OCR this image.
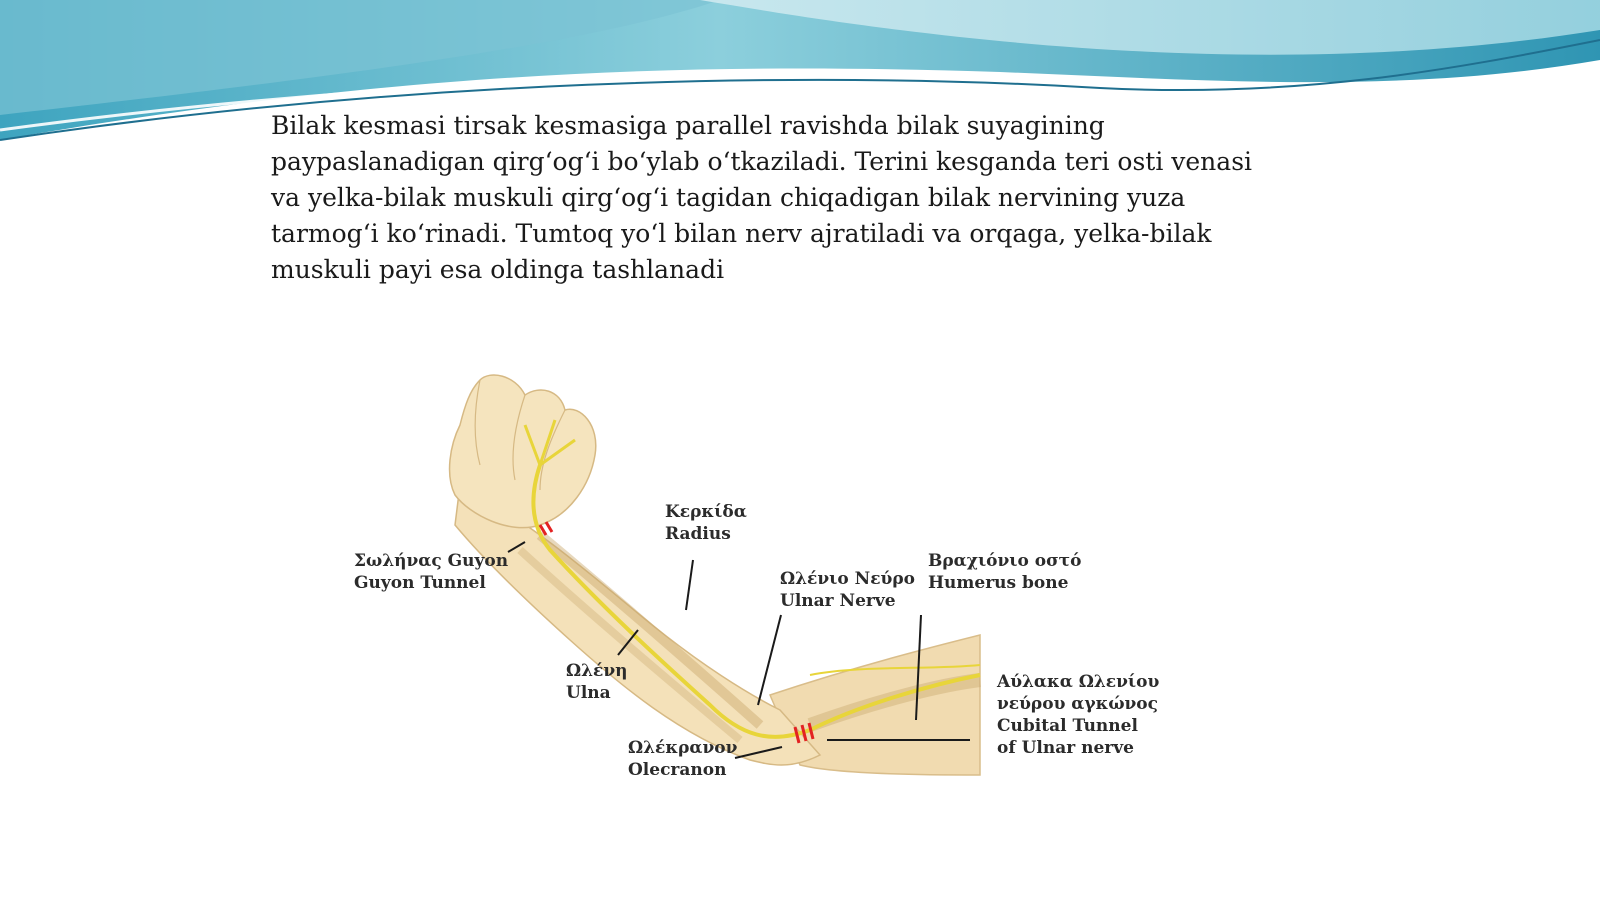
Bilak kesmasi tirsak kesmasiga parallel ravishda bilak suyagining paypaslanadigan qirg‘og‘i bo‘ylab o‘tkaziladi. Terini kesganda teri osti venasi va yelka-bilak muskuli qirg‘og‘i tagidan chiqadigan bilak nervining yuza tarmog‘i ko‘rinadi. Tumtoq yo‘l bilan nerv ajratiladi va orqaga, yelka-bilak muskuli payi esa oldinga tashlanadi

Κερκίδα
Radius
Σωλήνας Guyon
Guyon Tunnel	Ωλένιο Νεύρο
Ulnar Nerve
Βραχιόνιο οστό
Humerus bone
Ωλένη
Ulna
Αύλακα Ωλενίου
νεύρου αγκώνος
Cubital Tunnel
of Ulnar nerve
Ωλέκρανον
Olecranon
